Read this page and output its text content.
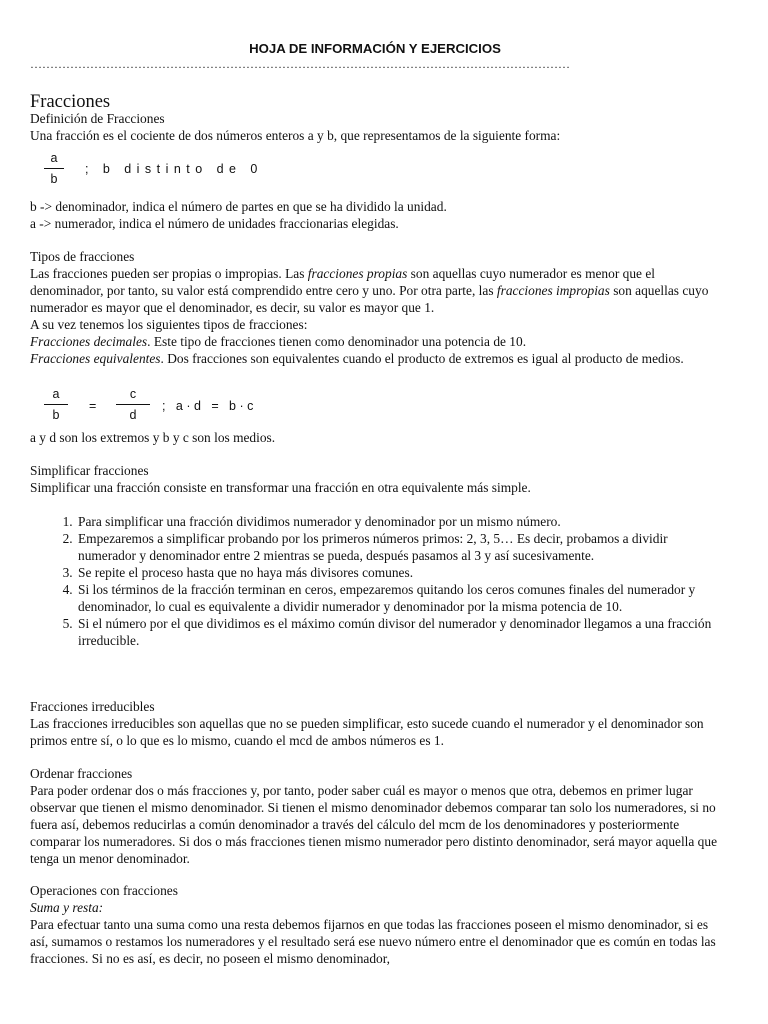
HOJA DE INFORMACIÓN Y EJERCICIOS
………………………………………………………………………………………………………………………
Fracciones

Definición de Fracciones

Una fracción es el cociente de dos números enteros a y b, que representamos de la siguiente forma:

a
b
;   b   d i s t i n t o   d e   0

b -> denominador, indica el número de partes en que se ha dividido la unidad.

a -> numerador, indica el número de unidades fraccionarias elegidas.

Tipos de fracciones

Las fracciones pueden ser propias o impropias. Las fracciones propias son aquellas cuyo numerador es menor que el denominador, por tanto, su valor está comprendido entre cero y uno. Por otra parte, las fracciones impropias son aquellas cuyo numerador es mayor que el denominador, es decir, su valor es mayor que 1.

A su vez tenemos los siguientes tipos de fracciones:

Fracciones decimales. Este tipo de fracciones tienen como denominador una potencia de 10.

Fracciones equivalentes. Dos fracciones son equivalentes cuando el producto de extremos es igual al producto de medios.

a
b
=
c
d
;   a · d   =   b · c

a y d son los extremos y b y c son los medios.

Simplificar fracciones

Simplificar una fracción consiste en transformar una fracción en otra equivalente más simple.

1. Para simplificar una fracción dividimos numerador y denominador por un mismo número.
2. Empezaremos a simplificar probando por los primeros números primos: 2, 3, 5… Es decir, probamos a dividir numerador y denominador entre 2 mientras se pueda, después pasamos al 3 y así sucesivamente.
3. Se repite el proceso hasta que no haya más divisores comunes.
4. Si los términos de la fracción terminan en ceros, empezaremos quitando los ceros comunes finales del numerador y denominador, lo cual es equivalente a dividir numerador y denominador por la misma potencia de 10.
5. Si el número por el que dividimos es el máximo común divisor del numerador y denominador llegamos a una fracción irreducible.

Fracciones irreducibles

Las fracciones irreducibles son aquellas que no se pueden simplificar, esto sucede cuando el numerador y el denominador son primos entre sí, o lo que es lo mismo, cuando el mcd de ambos números es 1.

Ordenar fracciones

Para poder ordenar dos o más fracciones y, por tanto, poder saber cuál es mayor o menos que otra, debemos en primer lugar observar que tienen el mismo denominador. Si tienen el mismo denominador debemos comparar tan solo los numeradores, si no fuera así, debemos reducirlas a común denominador a través del cálculo del mcm de los denominadores y posteriormente comparar los numeradores. Si dos o más fracciones tienen mismo numerador pero distinto denominador, será mayor aquella que tenga un menor denominador.

Operaciones con fracciones

Suma y resta:

Para efectuar tanto una suma como una resta debemos fijarnos en que todas las fracciones poseen el mismo denominador, si es así, sumamos o restamos los numeradores y el resultado será ese nuevo número entre el denominador que es común en todas las fracciones. Si no es así, es decir, no poseen el mismo denominador,
